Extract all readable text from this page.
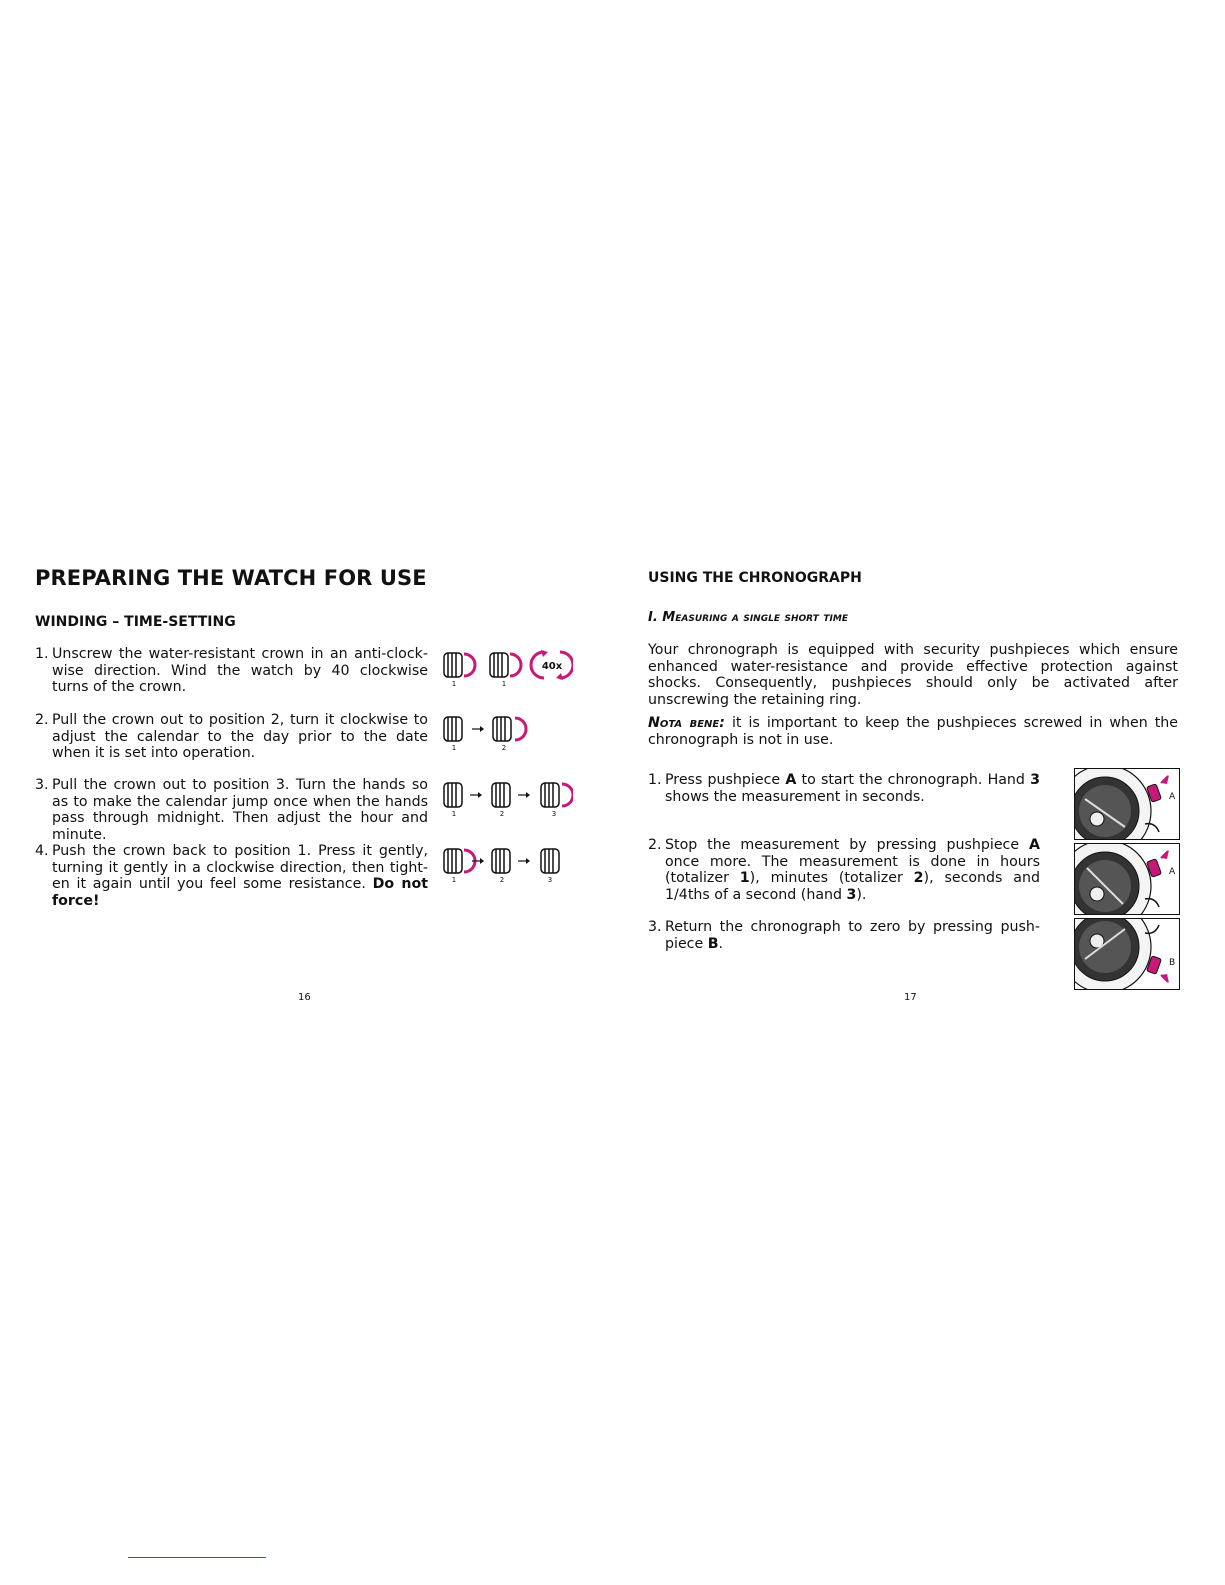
PREPARING THE WATCH FOR USE
WINDING – TIME-SETTING
1. Unscrew the water-resistant crown in an anti-clock-wise direction. Wind the watch by 40 clockwise turns of the crown.	1	1
40x
2. Pull the crown out to position 2, turn it clockwise to adjust the calendar to the day prior to the date when it is set into operation.	1	2
3. Pull the crown out to position 3. Turn the hands so as to make the calendar jump once when the hands pass through midnight. Then adjust the hour and minute.
1	2	3
4. Push the crown back to position 1. Press it gently, turning it gently in a clockwise direction, then tight-en it again until you feel some resistance. Do not force!
1	2	3

16

USING THE CHRONOGRAPH

I. Measuring a single short time

Your chronograph is equipped with security pushpieces which ensure enhanced water-resistance and provide effective protection against shocks. Consequently, pushpieces should only be activated after unscrewing the retaining ring.

Nota bene: it is important to keep the pushpieces screwed in when the chronograph is not in use.

1. Press pushpiece A to start the chronograph. Hand 3 shows the measurement in seconds.	A
2. Stop the measurement by pressing pushpiece A once more. The measurement is done in hours (totalizer 1), minutes (totalizer 2), seconds and 1/4ths of a second (hand 3).
A
3. Return the chronograph to zero by pressing push-piece B.
B

17
